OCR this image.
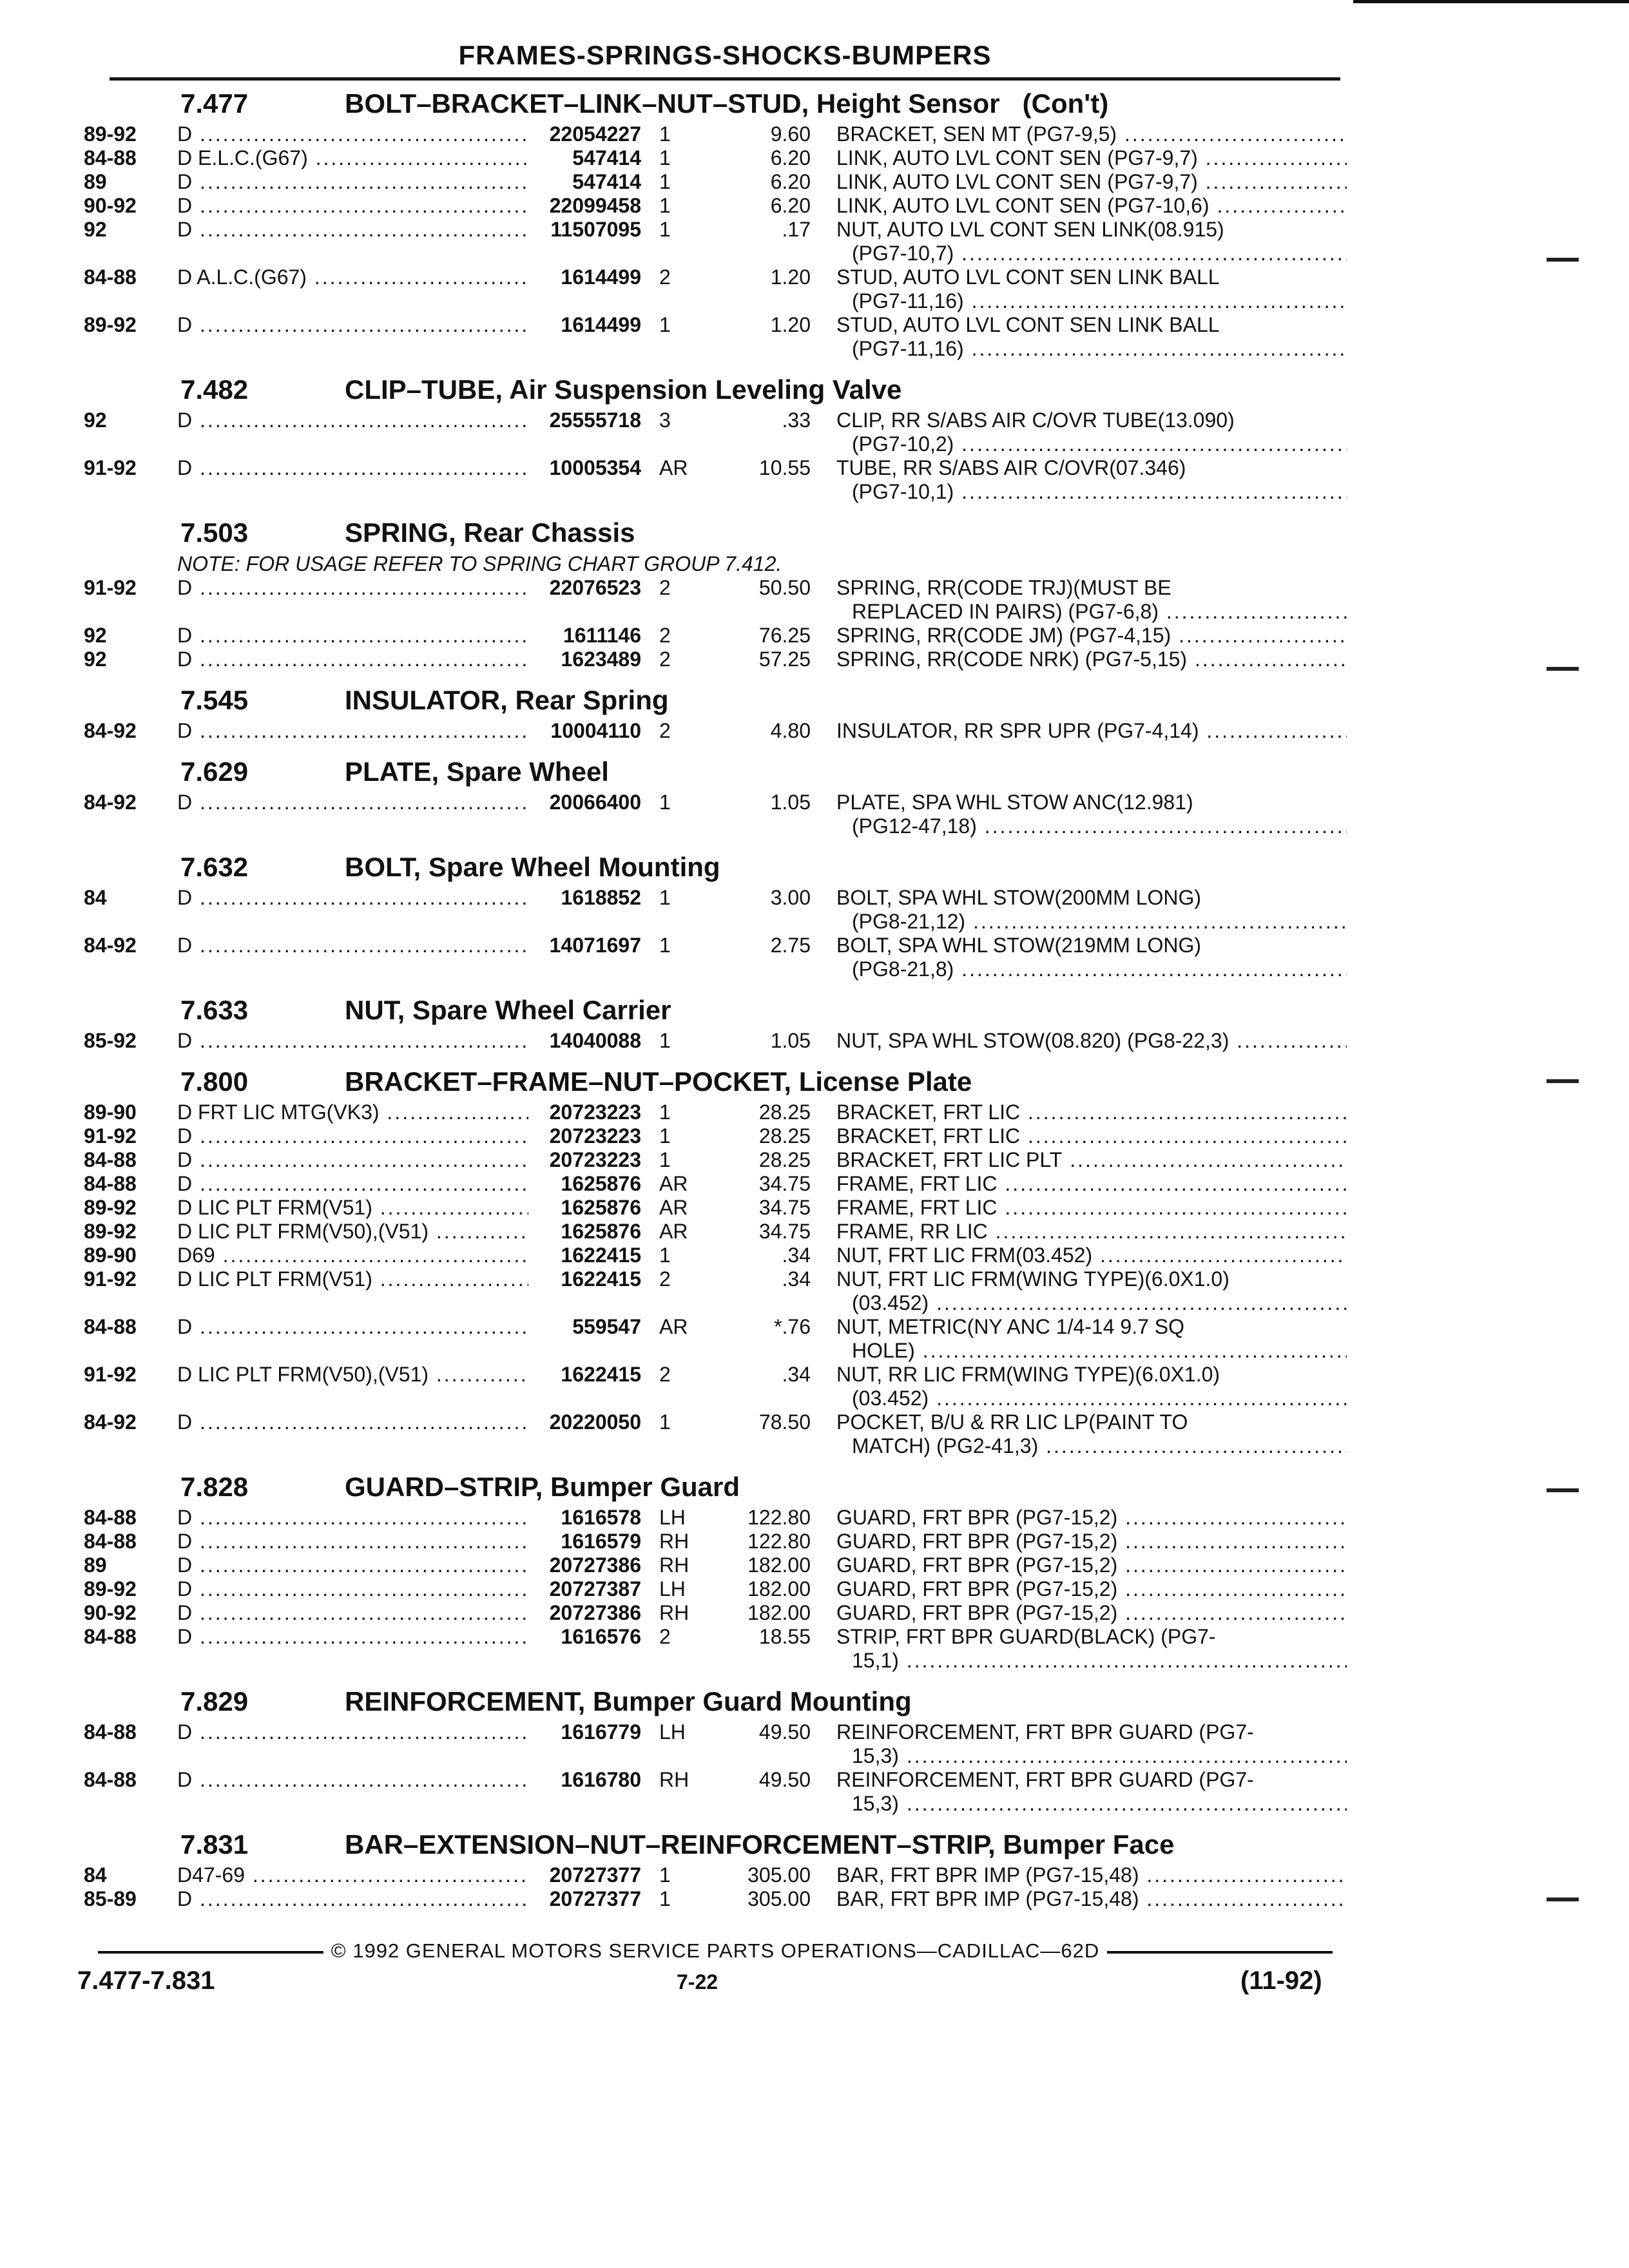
FRAMES-SPRINGS-SHOCKS-BUMPERS
7.477	BOLT–BRACKET–LINK–NUT–STUD, Height Sensor   (Con't)
89-92	D .....	22054227 1	9.60	BRACKET, SEN MT (PG7-9,5) .....
84-88	D E.L.C.(G67) .....	547414 1	6.20	LINK, AUTO LVL CONT SEN (PG7-9,7) .....
89	D .....	547414 1	6.20	LINK, AUTO LVL CONT SEN (PG7-9,7) .....
90-92	D .....	22099458 1	6.20	LINK, AUTO LVL CONT SEN (PG7-10,6) .....
92	D .....	11507095 1	.17	NUT, AUTO LVL CONT SEN LINK(08.915)
(PG7-10,7) .....
84-88	D A.L.C.(G67) .....	1614499 2	1.20	STUD, AUTO LVL CONT SEN LINK BALL
(PG7-11,16) .....
89-92	D .....	1614499 1	1.20	STUD, AUTO LVL CONT SEN LINK BALL
(PG7-11,16) .....
7.482	CLIP–TUBE, Air Suspension Leveling Valve
92	D .....	25555718 3	.33	CLIP, RR S/ABS AIR C/OVR TUBE(13.090)
(PG7-10,2) .....
91-92	D .....	10005354 AR	10.55	TUBE, RR S/ABS AIR C/OVR(07.346)
(PG7-10,1) .....
7.503	SPRING, Rear Chassis
NOTE: FOR USAGE REFER TO SPRING CHART GROUP 7.412.
91-92	D .....	22076523 2	50.50	SPRING, RR(CODE TRJ)(MUST BE
REPLACED IN PAIRS) (PG7-6,8) .....
92	D .....	1611146 2	76.25	SPRING, RR(CODE JM) (PG7-4,15) .....
92	D .....	1623489 2	57.25	SPRING, RR(CODE NRK) (PG7-5,15) .....
7.545	INSULATOR, Rear Spring
84-92	D .....	10004110 2	4.80	INSULATOR, RR SPR UPR (PG7-4,14) .....
7.629	PLATE, Spare Wheel
84-92	D .....	20066400 1	1.05	PLATE, SPA WHL STOW ANC(12.981)
(PG12-47,18) .....
7.632	BOLT, Spare Wheel Mounting
84	D .....	1618852 1	3.00	BOLT, SPA WHL STOW(200MM LONG)
(PG8-21,12) .....
84-92	D .....	14071697 1	2.75	BOLT, SPA WHL STOW(219MM LONG)
(PG8-21,8) .....
7.633	NUT, Spare Wheel Carrier
85-92	D .....	14040088 1	1.05	NUT, SPA WHL STOW(08.820) (PG8-22,3) .....
7.800	BRACKET–FRAME–NUT–POCKET, License Plate
89-90	D FRT LIC MTG(VK3) .....	20723223 1	28.25	BRACKET, FRT LIC .....
91-92	D .....	20723223 1	28.25	BRACKET, FRT LIC .....
84-88	D .....	20723223 1	28.25	BRACKET, FRT LIC PLT .....
84-88	D .....	1625876 AR	34.75	FRAME, FRT LIC .....
89-92	D LIC PLT FRM(V51) .....	1625876 AR	34.75	FRAME, FRT LIC .....
89-92	D LIC PLT FRM(V50),(V51) .....	1625876 AR	34.75	FRAME, RR LIC .....
89-90	D69 .....	1622415 1	.34	NUT, FRT LIC FRM(03.452) .....
91-92	D LIC PLT FRM(V51) .....	1622415 2	.34	NUT, FRT LIC FRM(WING TYPE)(6.0X1.0)
(03.452) .....
84-88	D .....	559547 AR	*.76	NUT, METRIC(NY ANC 1/4-14 9.7 SQ
HOLE) .....
91-92	D LIC PLT FRM(V50),(V51) .....	1622415 2	.34	NUT, RR LIC FRM(WING TYPE)(6.0X1.0)
(03.452) .....
84-92	D .....	20220050 1	78.50	POCKET, B/U & RR LIC LP(PAINT TO
MATCH) (PG2-41,3) .....
7.828	GUARD–STRIP, Bumper Guard
84-88	D .....	1616578 LH	122.80	GUARD, FRT BPR (PG7-15,2) .....
84-88	D .....	1616579 RH	122.80	GUARD, FRT BPR (PG7-15,2) .....
89	D .....	20727386 RH	182.00	GUARD, FRT BPR (PG7-15,2) .....
89-92	D .....	20727387 LH	182.00	GUARD, FRT BPR (PG7-15,2) .....
90-92	D .....	20727386 RH	182.00	GUARD, FRT BPR (PG7-15,2) .....
84-88	D .....	1616576 2	18.55	STRIP, FRT BPR GUARD(BLACK) (PG7-
15,1) .....
7.829	REINFORCEMENT, Bumper Guard Mounting
84-88	D .....	1616779 LH	49.50	REINFORCEMENT, FRT BPR GUARD (PG7-
15,3) .....
84-88	D .....	1616780 RH	49.50	REINFORCEMENT, FRT BPR GUARD (PG7-
15,3) .....
7.831	BAR–EXTENSION–NUT–REINFORCEMENT–STRIP, Bumper Face
84	D47-69 .....	20727377 1	305.00	BAR, FRT BPR IMP (PG7-15,48) .....
85-89	D .....	20727377 1	305.00	BAR, FRT BPR IMP (PG7-15,48) .....
© 1992 GENERAL MOTORS SERVICE PARTS OPERATIONS—CADILLAC—62D
7.477-7.831	7-22	(11-92)
